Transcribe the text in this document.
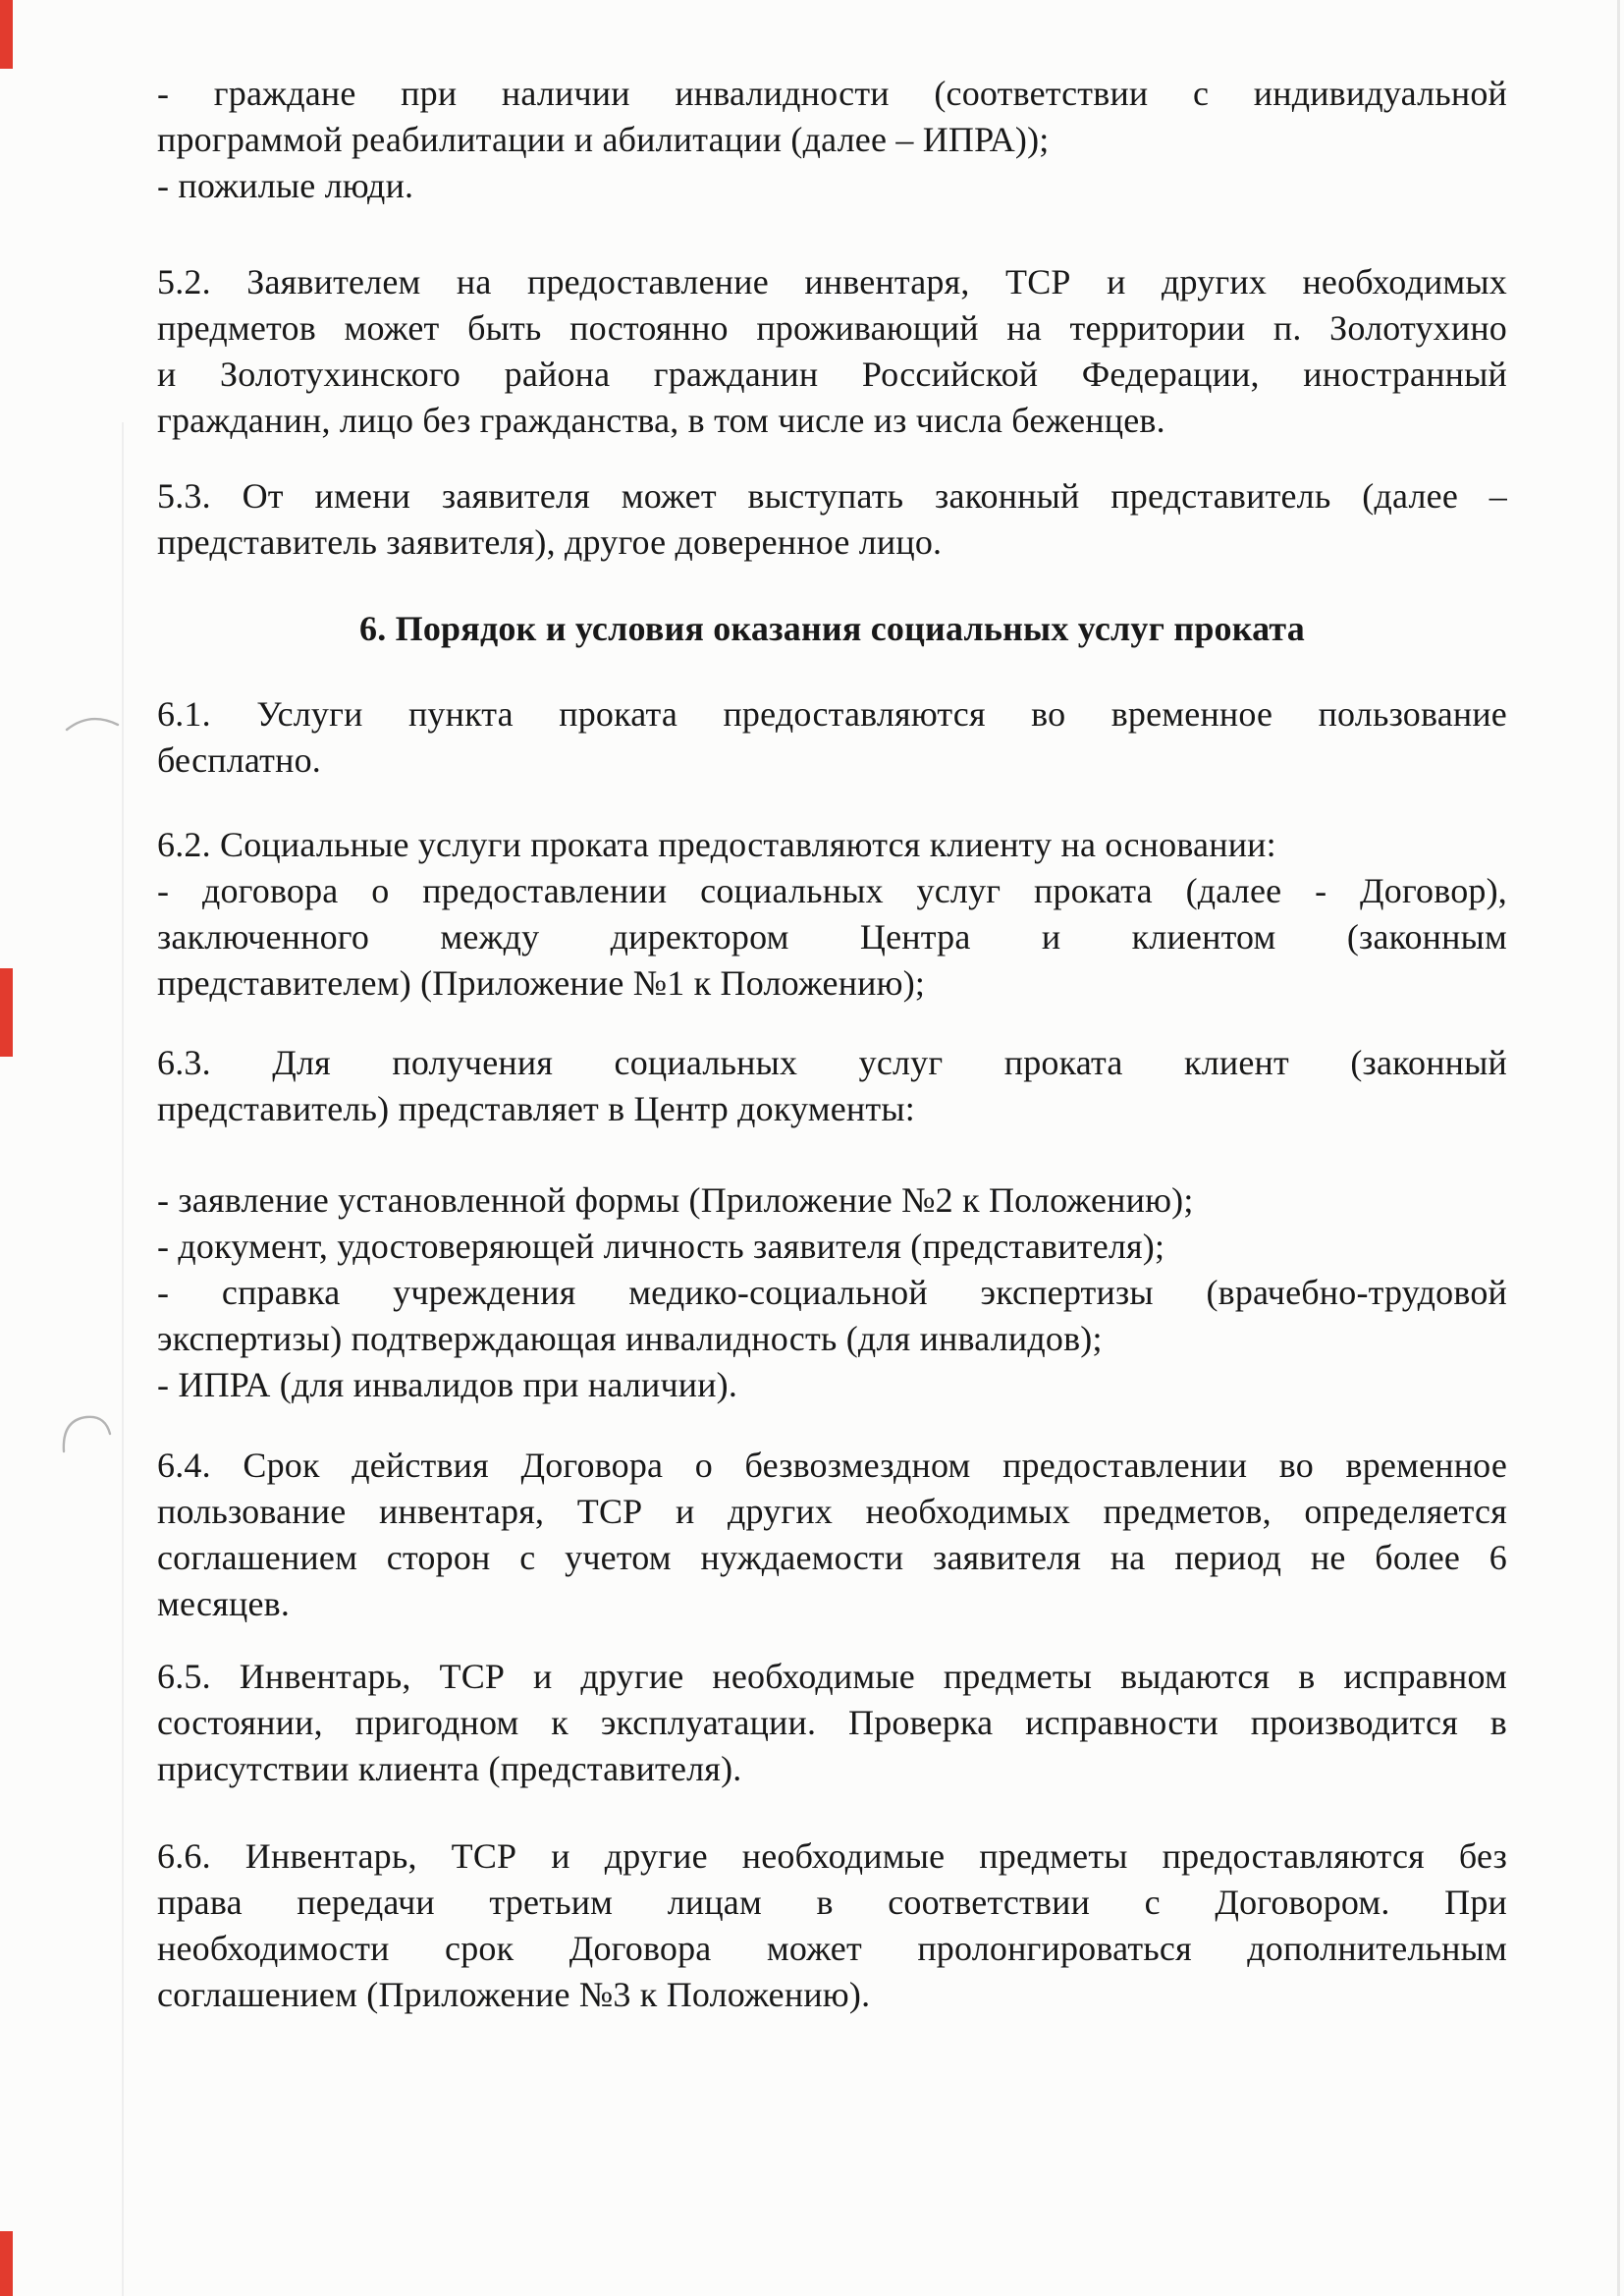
- граждане при наличии инвалидности (соответствии с индивидуальной
программой реабилитации и абилитации (далее – ИПРА));
- пожилые люди.
5.2. Заявителем на предоставление инвентаря, ТСР и других необходимых
предметов может быть постоянно проживающий на территории п. Золотухино
и Золотухинского района гражданин Российской Федерации, иностранный
гражданин, лицо без гражданства, в том числе из числа беженцев.
5.3. От имени заявителя может выступать законный представитель (далее –
представитель заявителя), другое доверенное лицо.
6. Порядок и условия оказания социальных услуг проката
6.1. Услуги пункта проката предоставляются во временное пользование
бесплатно.
6.2. Социальные услуги проката предоставляются клиенту на основании:
- договора о предоставлении социальных услуг проката (далее - Договор),
заключенного между директором Центра и клиентом (законным
представителем) (Приложение №1 к Положению);
6.3. Для получения социальных услуг проката клиент (законный
представитель) представляет в Центр документы:
- заявление установленной формы (Приложение №2 к Положению);
- документ, удостоверяющей личность заявителя (представителя);
- справка учреждения медико-социальной экспертизы (врачебно-трудовой
экспертизы) подтверждающая инвалидность (для инвалидов);
- ИПРА (для инвалидов при наличии).
6.4. Срок действия Договора о безвозмездном предоставлении во временное
пользование инвентаря, ТСР и других необходимых предметов, определяется
соглашением сторон с учетом нуждаемости заявителя на период не более 6
месяцев.
6.5. Инвентарь, ТСР и другие необходимые предметы выдаются в исправном
состоянии, пригодном к эксплуатации. Проверка исправности производится в
присутствии клиента (представителя).
6.6. Инвентарь, ТСР и другие необходимые предметы предоставляются без
права передачи третьим лицам в соответствии с Договором. При
необходимости срок Договора может пролонгироваться дополнительным
соглашением (Приложение №3 к Положению).
